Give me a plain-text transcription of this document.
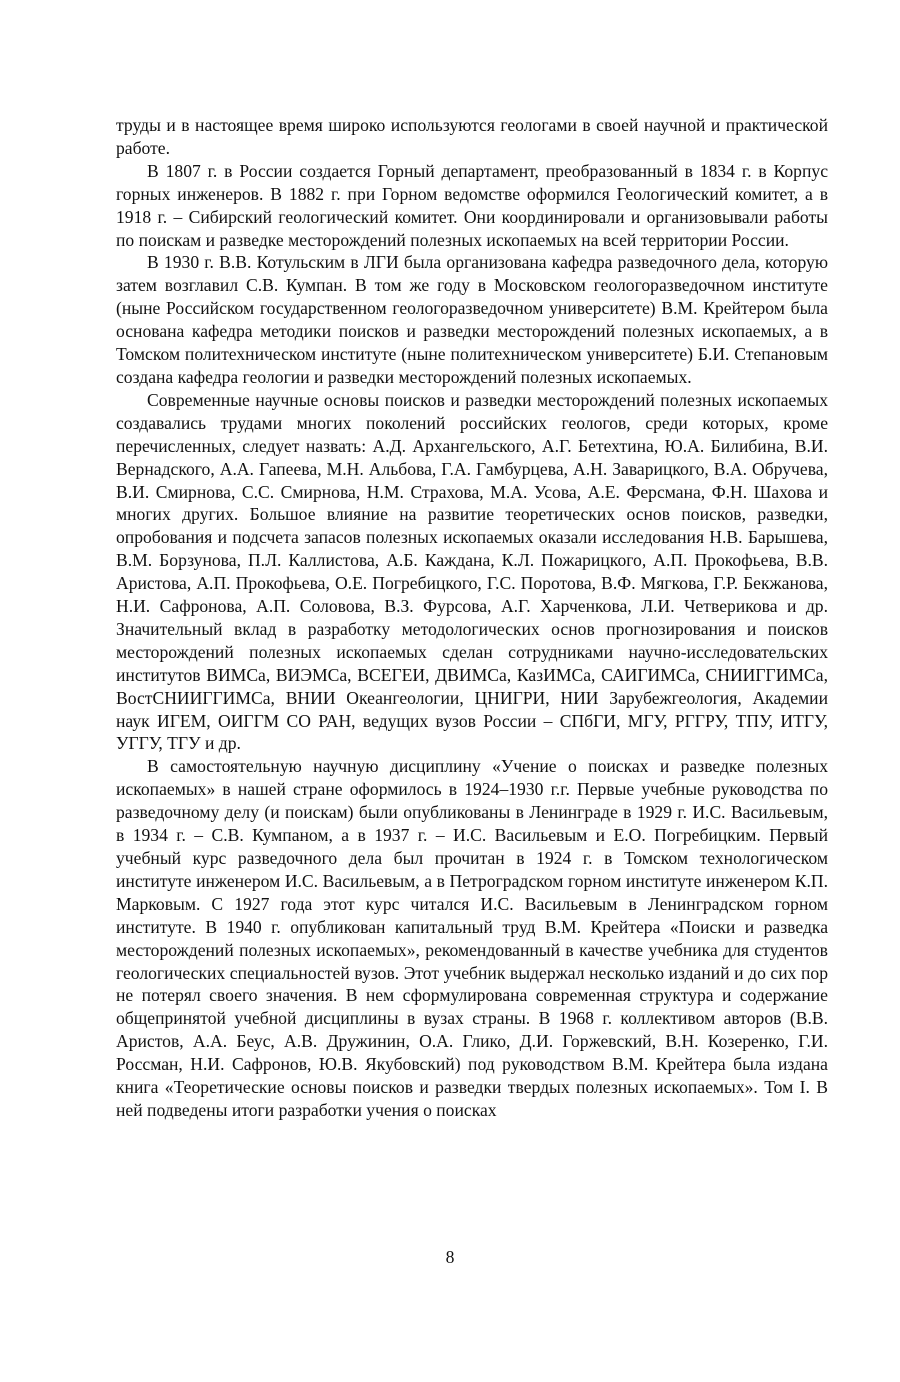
труды и в настоящее время широко используются геологами в своей научной и практической работе.

В 1807 г. в России создается Горный департамент, преобразованный в 1834 г. в Корпус горных инженеров. В 1882 г. при Горном ведомстве оформился Геологический комитет, а в 1918 г. – Сибирский геологический комитет. Они координировали и организовывали работы по поискам и разведке месторождений полезных ископаемых на всей территории России.

В 1930 г. В.В. Котульским в ЛГИ была организована кафедра разведочного дела, которую затем возглавил С.В. Кумпан. В том же году в Московском геологоразведочном институте (ныне Российском государственном геологоразведочном университете) В.М. Крейтером была основана кафедра методики поисков и разведки месторождений полезных ископаемых, а в Томском политехническом институте (ныне политехническом университете) Б.И. Степановым создана кафедра геологии и разведки месторождений полезных ископаемых.

Современные научные основы поисков и разведки месторождений полезных ископаемых создавались трудами многих поколений российских геологов, среди которых, кроме перечисленных, следует назвать: А.Д. Архангельского, А.Г. Бетехтина, Ю.А. Билибина, В.И. Вернадского, А.А. Гапеева, М.Н. Альбова, Г.А. Гамбурцева, А.Н. Заварицкого, В.А. Обручева, В.И. Смирнова, С.С. Смирнова, Н.М. Страхова, М.А. Усова, А.Е. Ферсмана, Ф.Н. Шахова и многих других. Большое влияние на развитие теоретических основ поисков, разведки, опробования и подсчета запасов полезных ископаемых оказали исследования Н.В. Барышева, В.М. Борзунова, П.Л. Каллистова, А.Б. Каждана, К.Л. Пожарицкого, А.П. Прокофьева, В.В. Аристова, А.П. Прокофьева, О.Е. Погребицкого, Г.С. Поротова, В.Ф. Мягкова, Г.Р. Бекжанова, Н.И. Сафронова, А.П. Соловова, В.З. Фурсова, А.Г. Харченкова, Л.И. Четверикова и др. Значительный вклад в разработку методологических основ прогнозирования и поисков месторождений полезных ископаемых сделан сотрудниками научно-исследовательских институтов ВИМСа, ВИЭМСа, ВСЕГЕИ, ДВИМСа, КазИМСа, САИГИМСа, СНИИГГИМСа, ВостСНИИГГИМСа, ВНИИ Океангеологии, ЦНИГРИ, НИИ Зарубежгеология, Академии наук ИГЕМ, ОИГГМ СО РАН, ведущих вузов России – СПбГИ, МГУ, РГГРУ, ТПУ, ИТГУ, УГГУ, ТГУ и др.

В самостоятельную научную дисциплину «Учение о поисках и разведке полезных ископаемых» в нашей стране оформилось в 1924–1930 г.г. Первые учебные руководства по разведочному делу (и поискам) были опубликованы в Ленинграде в 1929 г. И.С. Васильевым, в 1934 г. – С.В. Кумпаном, а в 1937 г. – И.С. Васильевым и Е.О. Погребицким. Первый учебный курс разведочного дела был прочитан в 1924 г. в Томском технологическом институте инженером И.С. Васильевым, а в Петроградском горном институте инженером К.П. Марковым. С 1927 года этот курс читался И.С. Васильевым в Ленинградском горном институте. В 1940 г. опубликован капитальный труд В.М. Крейтера «Поиски и разведка месторождений полезных ископаемых», рекомендованный в качестве учебника для студентов геологических специальностей вузов. Этот учебник выдержал несколько изданий и до сих пор не потерял своего значения. В нем сформулирована современная структура и содержание общепринятой учебной дисциплины в вузах страны. В 1968 г. коллективом авторов (В.В. Аристов, А.А. Беус, А.В. Дружинин, О.А. Глико, Д.И. Горжевский, В.Н. Козеренко, Г.И. Россман, Н.И. Сафронов, Ю.В. Якубовский) под руководством В.М. Крейтера была издана книга «Теоретические основы поисков и разведки твердых полезных ископаемых». Том I. В ней подведены итоги разработки учения о поисках

8
